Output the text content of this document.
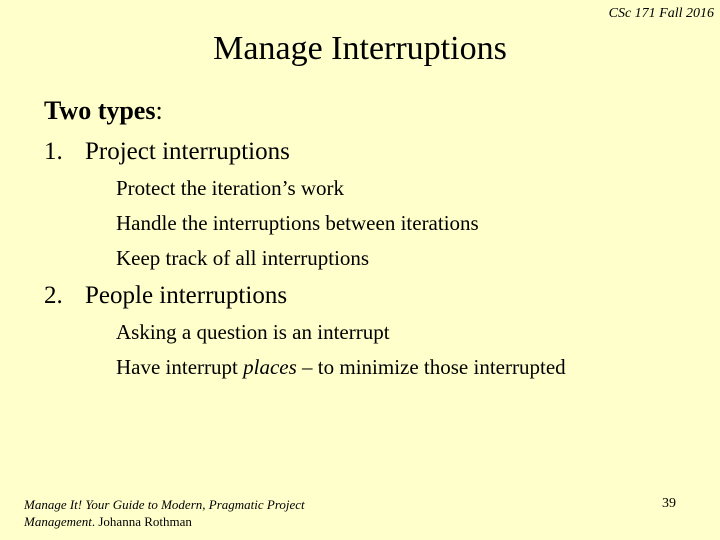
CSc 171 Fall 2016
Manage Interruptions
Two types:
1. Project interruptions
Protect the iteration’s work
Handle the interruptions between iterations
Keep track of all interruptions
2. People interruptions
Asking a question is an interrupt
Have interrupt places – to minimize those interrupted
Manage It! Your Guide to Modern, Pragmatic Project
Management. Johanna Rothman
39
